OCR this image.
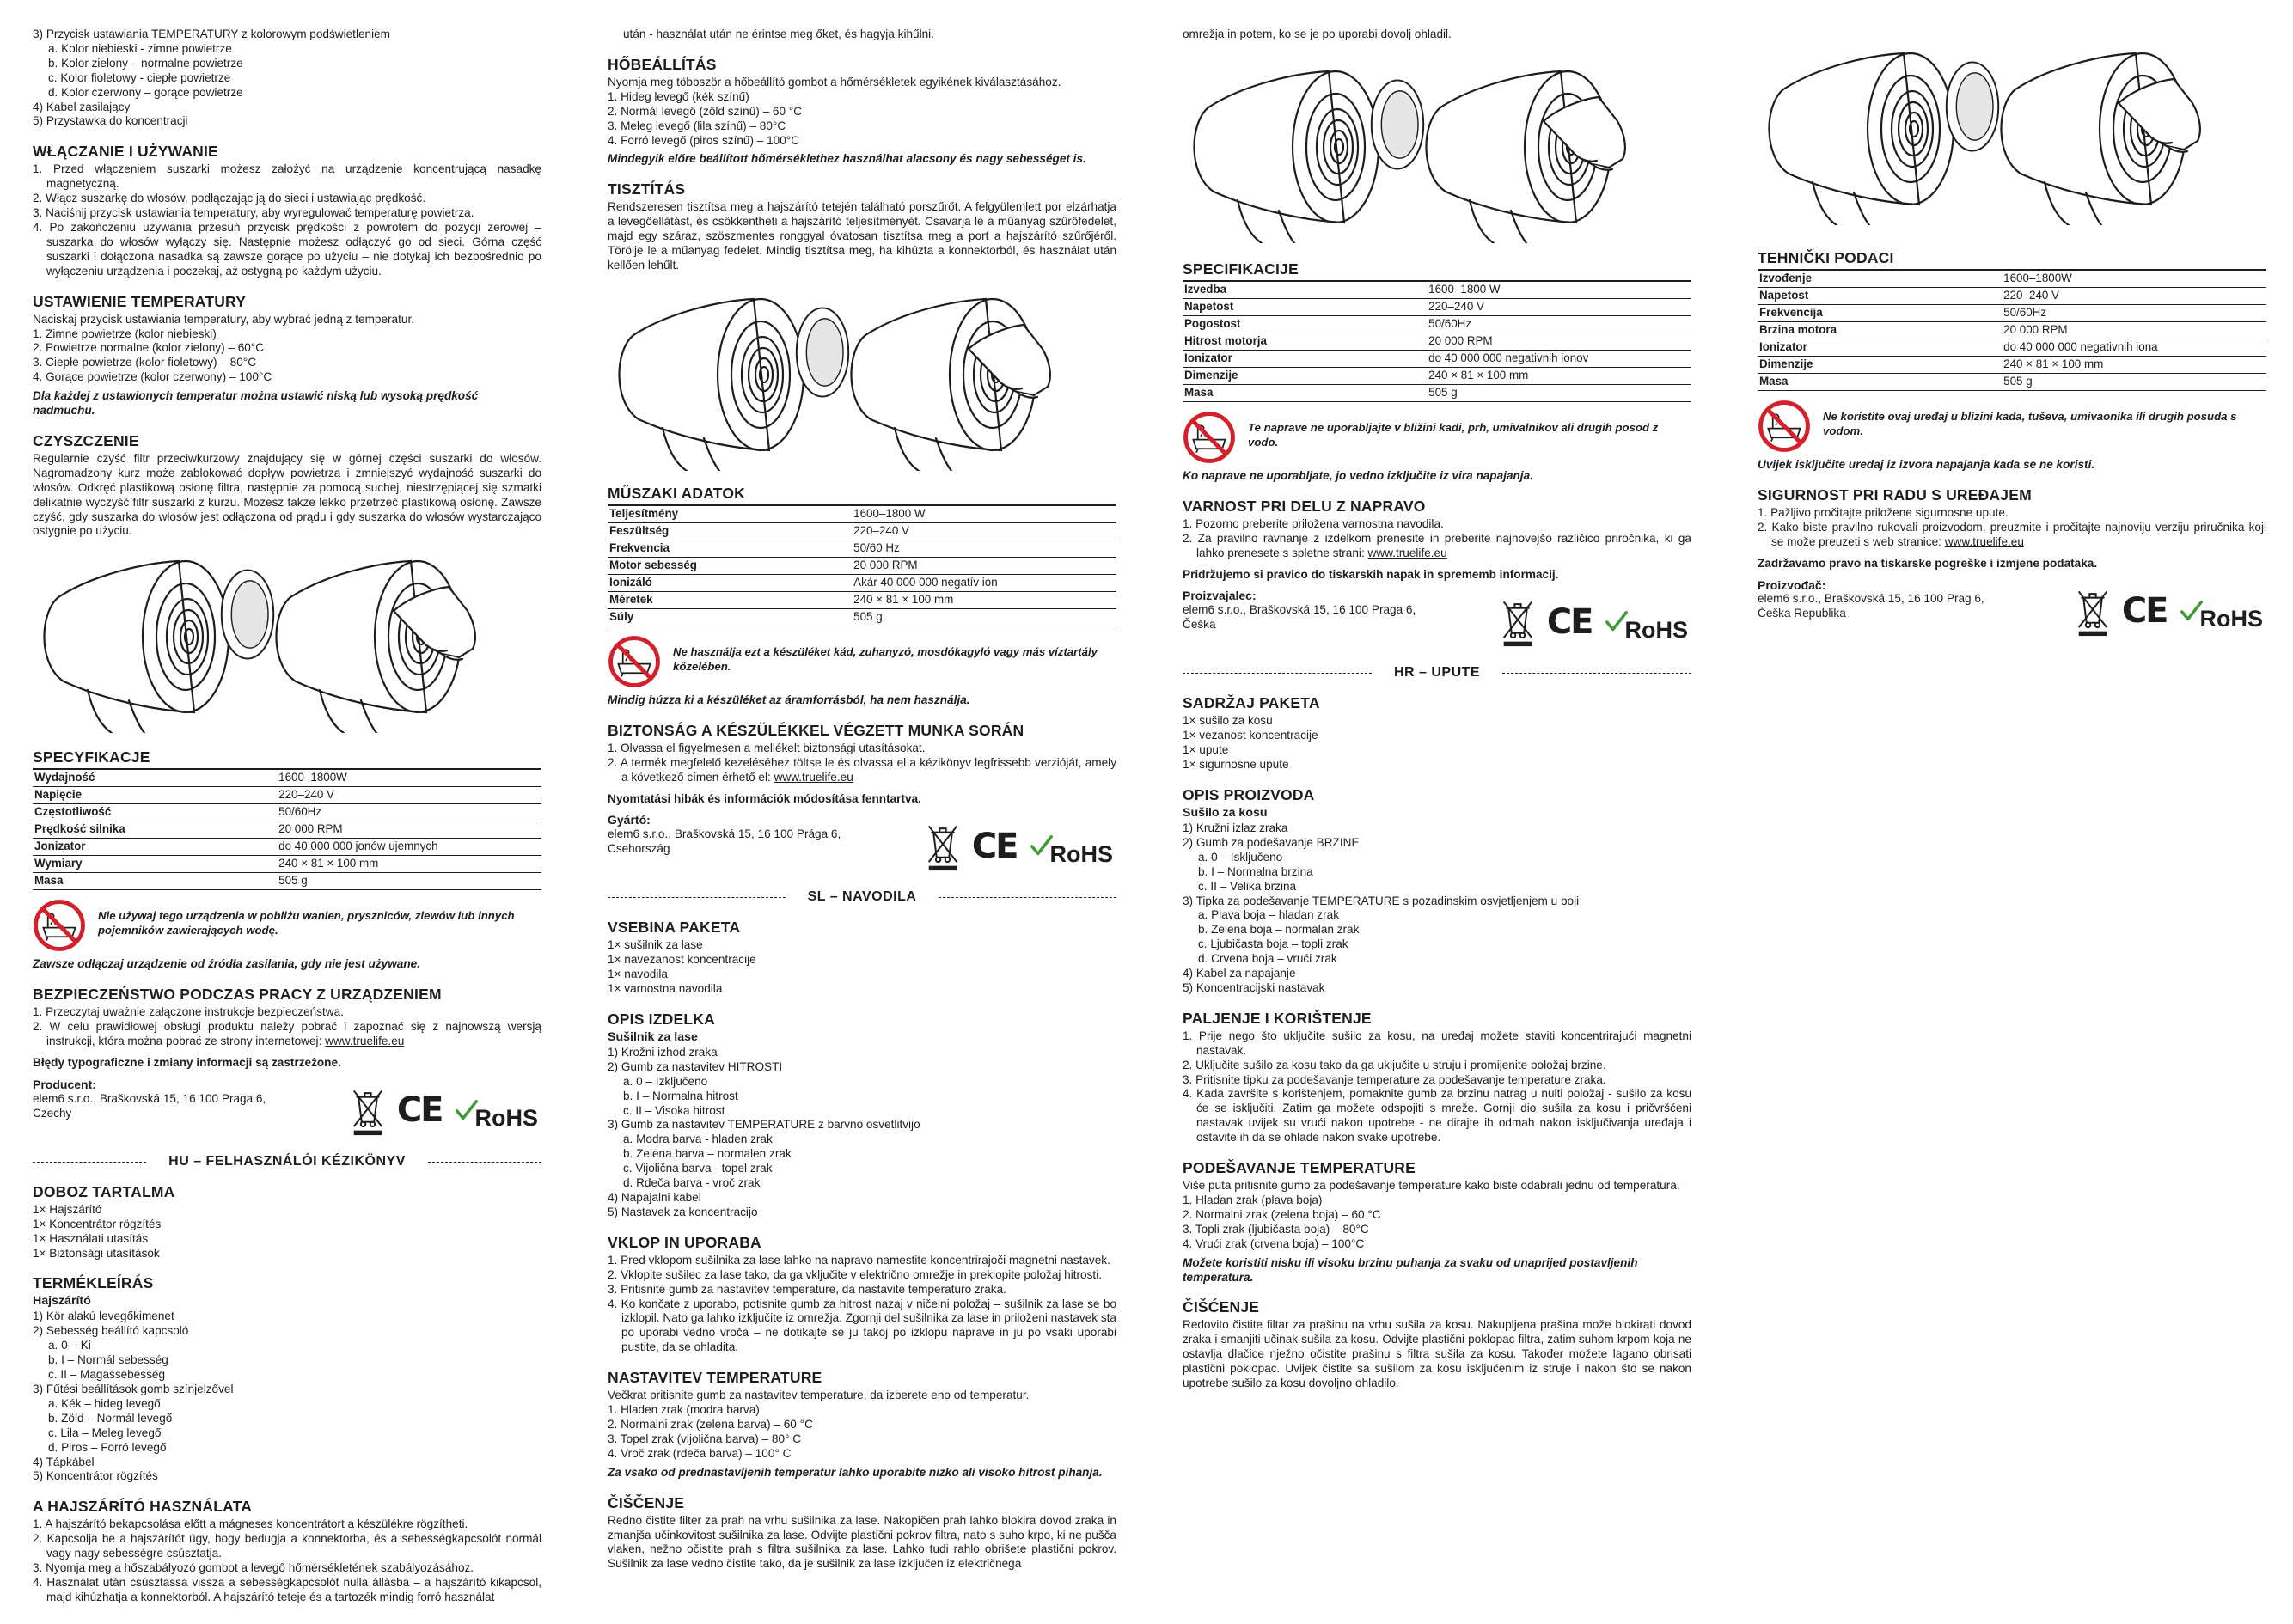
3) Przycisk ustawiania TEMPERATURY z kolorowym podświetleniem

a. Kolor niebieski - zimne powietrze

b. Kolor zielony – normalne powietrze

c. Kolor fioletowy - ciepłe powietrze

d. Kolor czerwony – gorące powietrze

4) Kabel zasilający

5) Przystawka do koncentracji

WŁĄCZANIE I UŻYWANIE

1. Przed włączeniem suszarki możesz założyć na urządzenie koncentrującą nasadkę magnetyczną.

2. Włącz suszarkę do włosów, podłączając ją do sieci i ustawiając prędkość.

3. Naciśnij przycisk ustawiania temperatury, aby wyregulować temperaturę powietrza.

4. Po zakończeniu używania przesuń przycisk prędkości z powrotem do pozycji zerowej – suszarka do włosów wyłączy się. Następnie możesz odłączyć go od sieci. Górna część suszarki i dołączona nasadka są zawsze gorące po użyciu – nie dotykaj ich bezpośrednio po wyłączeniu urządzenia i poczekaj, aż ostygną po każdym użyciu.

USTAWIENIE TEMPERATURY

Naciskaj przycisk ustawiania temperatury, aby wybrać jedną z temperatur.

1. Zimne powietrze (kolor niebieski)

2. Powietrze normalne (kolor zielony) – 60°C

3. Ciepłe powietrze (kolor fioletowy) – 80°C

4. Gorące powietrze (kolor czerwony) – 100°C

Dla każdej z ustawionych temperatur można ustawić niską lub wysoką prędkość nadmuchu.

CZYSZCZENIE

Regularnie czyść filtr przeciwkurzowy znajdujący się w górnej części suszarki do włosów. Nagromadzony kurz może zablokować dopływ powietrza i zmniejszyć wydajność suszarki do włosów. Odkręć plastikową osłonę filtra, następnie za pomocą suchej, niestrzępiącej się szmatki delikatnie wyczyść filtr suszarki z kurzu. Możesz także lekko przetrzeć plastikową osłonę. Zawsze czyść, gdy suszarka do włosów jest odłączona od prądu i gdy suszarka do włosów wystarczająco ostygnie po użyciu.

SPECYFIKACJE
Wydajność	1600–1800W
Napięcie	220–240 V
Częstotliwość	50/60Hz
Prędkość silnika	20 000 RPM
Jonizator	do 40 000 000 jonów ujemnych
Wymiary	240 × 81 × 100 mm
Masa	505 g

Nie używaj tego urządzenia w pobliżu wanien, pryszniców, zlewów lub innych pojemników zawierających wodę.

Zawsze odłączaj urządzenie od źródła zasilania, gdy nie jest używane.

BEZPIECZEŃSTWO PODCZAS PRACY Z URZĄDZENIEM

1. Przeczytaj uważnie załączone instrukcje bezpieczeństwa.

2. W celu prawidłowej obsługi produktu należy pobrać i zapoznać się z najnowszą wersją instrukcji, która można pobrać ze strony internetowej: www.truelife.eu

Błędy typograficzne i zmiany informacji są zastrzeżone.

Producent:

elem6 s.r.o., Braškovská 15, 16 100 Praga 6, Czechy	CE RoHS
HU – FELHASZNÁLÓI KÉZIKÖNYV
DOBOZ TARTALMA

1× Hajszárító

1× Koncentrátor rögzítés

1× Használati utasítás

1× Biztonsági utasítások

TERMÉKLEÍRÁS
Hajszárító

1) Kör alakú levegőkimenet

2) Sebesség beállító kapcsoló

a. 0 – Ki

b. I – Normál sebesség

c. II – Magassebesség

3) Fűtési beállítások gomb színjelzővel

a. Kék – hideg levegő

b. Zöld – Normál levegő

c. Lila – Meleg levegő

d. Piros – Forró levegő

4) Tápkábel

5) Koncentrátor rögzítés

A HAJSZÁRÍTÓ HASZNÁLATA

1. A hajszárító bekapcsolása előtt a mágneses koncentrátort a készülékre rögzítheti.

2. Kapcsolja be a hajszárítót úgy, hogy bedugja a konnektorba, és a sebességkapcsolót normál vagy nagy sebességre csúsztatja.

3. Nyomja meg a hőszabályozó gombot a levegő hőmérsékletének szabályozásához.

4. Használat után csúsztassa vissza a sebességkapcsolót nulla állásba – a hajszárító kikapcsol, majd kihúzhatja a konnektorból. A hajszárító teteje és a tartozék mindig forró használat

után - használat után ne érintse meg őket, és hagyja kihűlni.

HŐBEÁLLÍTÁS

Nyomja meg többször a hőbeállító gombot a hőmérsékletek egyikének kiválasztásához.

1. Hideg levegő (kék színű)

2. Normál levegő (zöld színű) – 60 °C

3. Meleg levegő (lila színű) – 80°C

4. Forró levegő (piros színű) – 100°C

Mindegyik előre beállított hőmérséklethez használhat alacsony és nagy sebességet is.

TISZTÍTÁS

Rendszeresen tisztítsa meg a hajszárító tetején található porszűrőt. A felgyülemlett por elzárhatja a levegőellátást, és csökkentheti a hajszárító teljesítményét. Csavarja le a műanyag szűrőfedelet, majd egy száraz, szöszmentes ronggyal óvatosan tisztítsa meg a port a hajszárító szűrőjéről. Törölje le a műanyag fedelet. Mindig tisztítsa meg, ha kihúzta a konnektorból, és használat után kellően lehűlt.

MŰSZAKI ADATOK
Teljesítmény	1600–1800 W
Feszültség	220–240 V
Frekvencia	50/60 Hz
Motor sebesség	20 000 RPM
Ionizáló	Akár 40 000 000 negatív ion
Méretek	240 × 81 × 100 mm
Súly	505 g

Ne használja ezt a készüléket kád, zuhanyzó, mosdókagyló vagy más víztartály közelében.

Mindig húzza ki a készüléket az áramforrásból, ha nem használja.

BIZTONSÁG A KÉSZÜLÉKKEL VÉGZETT MUNKA SORÁN

1. Olvassa el figyelmesen a mellékelt biztonsági utasításokat.

2. A termék megfelelő kezeléséhez töltse le és olvassa el a kézikönyv legfrissebb verzióját, amely a következő címen érhető el: www.truelife.eu

Nyomtatási hibák és információk módosítása fenntartva.

Gyártó:

elem6 s.r.o., Braškovská 15, 16 100 Prága 6, Csehország	CE RoHS
SL – NAVODILA
VSEBINA PAKETA

1× sušilnik za lase

1× navezanost koncentracije

1× navodila

1× varnostna navodila

OPIS IZDELKA
Sušilnik za lase

1) Krožni izhod zraka

2) Gumb za nastavitev HITROSTI

a. 0 – Izključeno

b. I – Normalna hitrost

c. II – Visoka hitrost

3) Gumb za nastavitev TEMPERATURE z barvno osvetlitvijo

a. Modra barva - hladen zrak

b. Zelena barva – normalen zrak

c. Vijolična barva - topel zrak

d. Rdeča barva - vroč zrak

4) Napajalni kabel

5) Nastavek za koncentracijo

VKLOP IN UPORABA

1. Pred vklopom sušilnika za lase lahko na napravo namestite koncentrirajoči magnetni nastavek.

2. Vklopite sušilec za lase tako, da ga vključite v električno omrežje in preklopite položaj hitrosti.

3. Pritisnite gumb za nastavitev temperature, da nastavite temperaturo zraka.

4. Ko končate z uporabo, potisnite gumb za hitrost nazaj v ničelni položaj – sušilnik za lase se bo izklopil. Nato ga lahko izključite iz omrežja. Zgornji del sušilnika za lase in priloženi nastavek sta po uporabi vedno vroča – ne dotikajte se ju takoj po izklopu naprave in ju po vsaki uporabi pustite, da se ohladita.

NASTAVITEV TEMPERATURE

Večkrat pritisnite gumb za nastavitev temperature, da izberete eno od temperatur.

1. Hladen zrak (modra barva)

2. Normalni zrak (zelena barva) – 60 °C

3. Topel zrak (vijolična barva) – 80° C

4. Vroč zrak (rdeča barva) – 100° C

Za vsako od prednastavljenih temperatur lahko uporabite nizko ali visoko hitrost pihanja.

ČIŠČENJE

Redno čistite filter za prah na vrhu sušilnika za lase. Nakopičen prah lahko blokira dovod zraka in zmanjša učinkovitost sušilnika za lase. Odvijte plastični pokrov filtra, nato s suho krpo, ki ne pušča vlaken, nežno očistite prah s filtra sušilnika za lase. Lahko tudi rahlo obrišete plastični pokrov. Sušilnik za lase vedno čistite tako, da je sušilnik za lase izključen iz električnega

omrežja in potem, ko se je po uporabi dovolj ohladil.

SPECIFIKACIJE
Izvedba	1600–1800 W
Napetost	220–240 V
Pogostost	50/60Hz
Hitrost motorja	20 000 RPM
Ionizator	do 40 000 000 negativnih ionov
Dimenzije	240 × 81 × 100 mm
Masa	505 g

Te naprave ne uporabljajte v bližini kadi, prh, umivalnikov ali drugih posod z vodo.

Ko naprave ne uporabljate, jo vedno izključite iz vira napajanja.

VARNOST PRI DELU Z NAPRAVO

1. Pozorno preberite priložena varnostna navodila.

2. Za pravilno ravnanje z izdelkom prenesite in preberite najnovejšo različico priročnika, ki ga lahko prenesete s spletne strani: www.truelife.eu

Pridržujemo si pravico do tiskarskih napak in sprememb informacij.

Proizvajalec:

elem6 s.r.o., Braškovská 15, 16 100 Praga 6, Češka	CE RoHS
HR – UPUTE
SADRŽAJ PAKETA

1× sušilo za kosu

1× vezanost koncentracije

1× upute

1× sigurnosne upute

OPIS PROIZVODA
Sušilo za kosu

1) Kružni izlaz zraka

2) Gumb za podešavanje BRZINE

a. 0 – Isključeno

b. I – Normalna brzina

c. II – Velika brzina

3) Tipka za podešavanje TEMPERATURE s pozadinskim osvjetljenjem u boji

a. Plava boja – hladan zrak

b. Zelena boja – normalan zrak

c. Ljubičasta boja – topli zrak

d. Crvena boja – vrući zrak

4) Kabel za napajanje

5) Koncentracijski nastavak

PALJENJE I KORIŠTENJE

1. Prije nego što uključite sušilo za kosu, na uređaj možete staviti koncentrirajući magnetni nastavak.

2. Uključite sušilo za kosu tako da ga uključite u struju i promijenite položaj brzine.

3. Pritisnite tipku za podešavanje temperature za podešavanje temperature zraka.

4. Kada završite s korištenjem, pomaknite gumb za brzinu natrag u nulti položaj - sušilo za kosu će se isključiti. Zatim ga možete odspojiti s mreže. Gornji dio sušila za kosu i pričvršćeni nastavak uvijek su vrući nakon upotrebe - ne dirajte ih odmah nakon isključivanja uređaja i ostavite ih da se ohlade nakon svake upotrebe.

PODEŠAVANJE TEMPERATURE

Više puta pritisnite gumb za podešavanje temperature kako biste odabrali jednu od temperatura.

1. Hladan zrak (plava boja)

2. Normalni zrak (zelena boja) – 60 °C

3. Topli zrak (ljubičasta boja) – 80°C

4. Vrući zrak (crvena boja) – 100°C

Možete koristiti nisku ili visoku brzinu puhanja za svaku od unaprijed postavljenih temperatura.

ČIŠĆENJE

Redovito čistite filtar za prašinu na vrhu sušila za kosu. Nakupljena prašina može blokirati dovod zraka i smanjiti učinak sušila za kosu. Odvijte plastični poklopac filtra, zatim suhom krpom koja ne ostavlja dlačice nježno očistite prašinu s filtra sušila za kosu. Također možete lagano obrisati plastični poklopac. Uvijek čistite sa sušilom za kosu isključenim iz struje i nakon što se nakon upotrebe sušilo za kosu dovoljno ohladilo.

TEHNIČKI PODACI
Izvođenje	1600–1800W
Napetost	220–240 V
Frekvencija	50/60Hz
Brzina motora	20 000 RPM
Ionizator	do 40 000 000 negativnih iona
Dimenzije	240 × 81 × 100 mm
Masa	505 g

Ne koristite ovaj uređaj u blizini kada, tuševa, umivaonika ili drugih posuda s vodom.

Uvijek isključite uređaj iz izvora napajanja kada se ne koristi.

SIGURNOST PRI RADU S UREĐAJEM

1. Pažljivo pročitajte priložene sigurnosne upute.

2. Kako biste pravilno rukovali proizvodom, preuzmite i pročitajte najnoviju verziju priručnika koji se može preuzeti s web stranice: www.truelife.eu

Zadržavamo pravo na tiskarske pogreške i izmjene podataka.

Proizvođač:

elem6 s.r.o., Braškovská 15, 16 100 Prag 6, Češka Republika	CE RoHS
